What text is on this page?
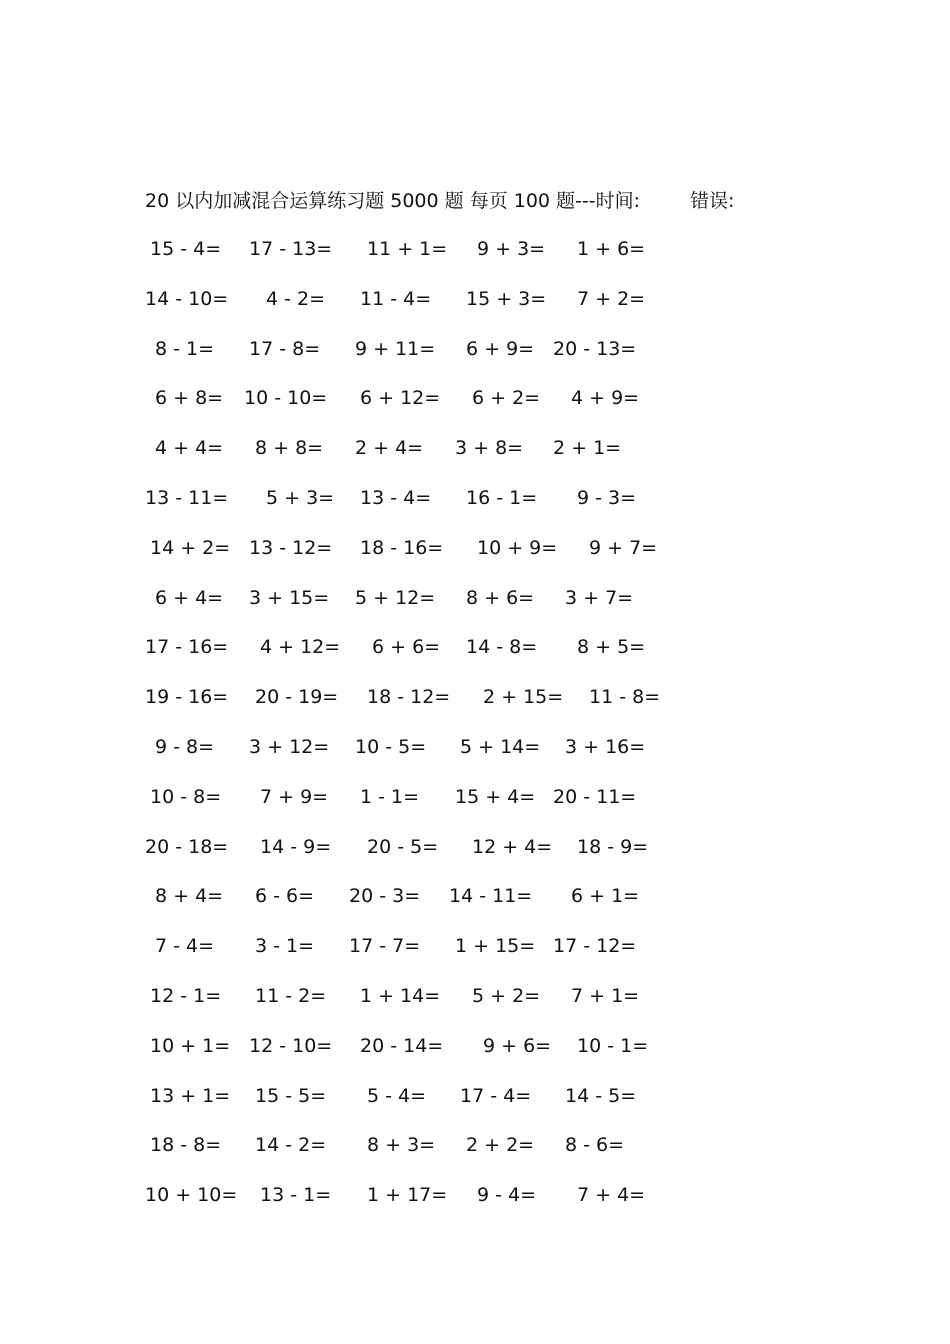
20 以内加减混合运算练习题 5000 题 每页 100 题---时间:	错误:
15 - 4= 17 - 13= 11 + 1= 9 + 3= 1 + 6=
14 - 10= 4 - 2= 11 - 4= 15 + 3= 7 + 2=
8 - 1= 17 - 8= 9 + 11= 6 + 9= 20 - 13=
6 + 8= 10 - 10= 6 + 12= 6 + 2= 4 + 9=
4 + 4= 8 + 8= 2 + 4= 3 + 8= 2 + 1=
13 - 11= 5 + 3= 13 - 4= 16 - 1= 9 - 3=
14 + 2= 13 - 12= 18 - 16= 10 + 9= 9 + 7=
6 + 4= 3 + 15= 5 + 12= 8 + 6= 3 + 7=
17 - 16= 4 + 12= 6 + 6= 14 - 8= 8 + 5=
19 - 16= 20 - 19= 18 - 12= 2 + 15= 11 - 8=
9 - 8= 3 + 12= 10 - 5= 5 + 14= 3 + 16=
10 - 8= 7 + 9= 1 - 1= 15 + 4= 20 - 11=
20 - 18= 14 - 9= 20 - 5= 12 + 4= 18 - 9=
8 + 4= 6 - 6= 20 - 3= 14 - 11= 6 + 1=
7 - 4= 3 - 1= 17 - 7= 1 + 15= 17 - 12=
12 - 1= 11 - 2= 1 + 14= 5 + 2= 7 + 1=
10 + 1= 12 - 10= 20 - 14= 9 + 6= 10 - 1=
13 + 1= 15 - 5= 5 - 4= 17 - 4= 14 - 5=
18 - 8= 14 - 2= 8 + 3= 2 + 2= 8 - 6=
10 + 10= 13 - 1= 1 + 17= 9 - 4= 7 + 4=
